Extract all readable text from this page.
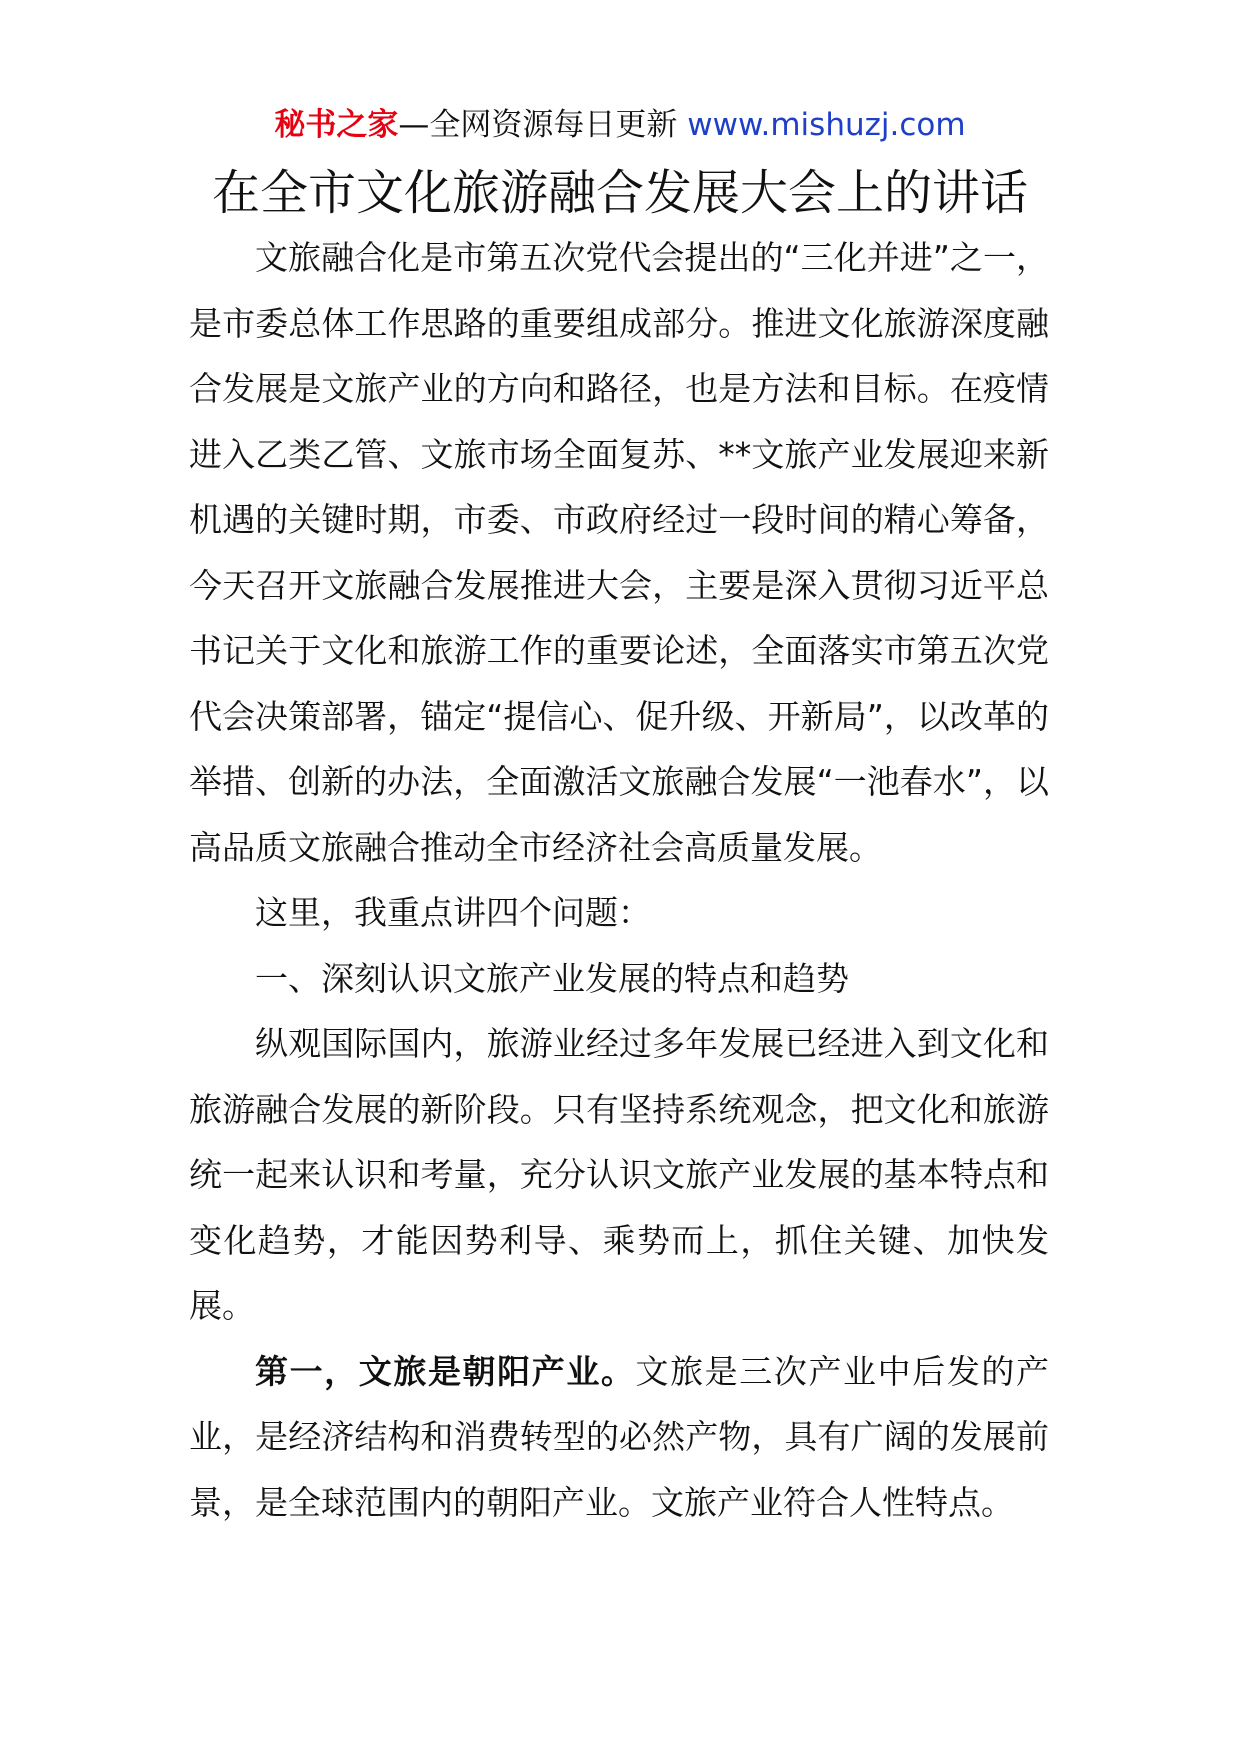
秘书之家—全网资源每日更新 www.mishuzj.com
在全市文化旅游融合发展大会上的讲话

文旅融合化是市第五次党代会提出的“三化并进”之一，是市委总体工作思路的重要组成部分。推进文化旅游深度融合发展是文旅产业的方向和路径，也是方法和目标。在疫情进入乙类乙管、文旅市场全面复苏、**文旅产业发展迎来新机遇的关键时期，市委、市政府经过一段时间的精心筹备，今天召开文旅融合发展推进大会，主要是深入贯彻习近平总书记关于文化和旅游工作的重要论述，全面落实市第五次党代会决策部署，锚定“提信心、促升级、开新局”，以改革的举措、创新的办法，全面激活文旅融合发展“一池春水”，以高品质文旅融合推动全市经济社会高质量发展。

这里，我重点讲四个问题：

一、深刻认识文旅产业发展的特点和趋势

纵观国际国内，旅游业经过多年发展已经进入到文化和旅游融合发展的新阶段。只有坚持系统观念，把文化和旅游统一起来认识和考量，充分认识文旅产业发展的基本特点和变化趋势，才能因势利导、乘势而上，抓住关键、加快发展。

第一，文旅是朝阳产业。文旅是三次产业中后发的产业，是经济结构和消费转型的必然产物，具有广阔的发展前景，是全球范围内的朝阳产业。文旅产业符合人性特点。
